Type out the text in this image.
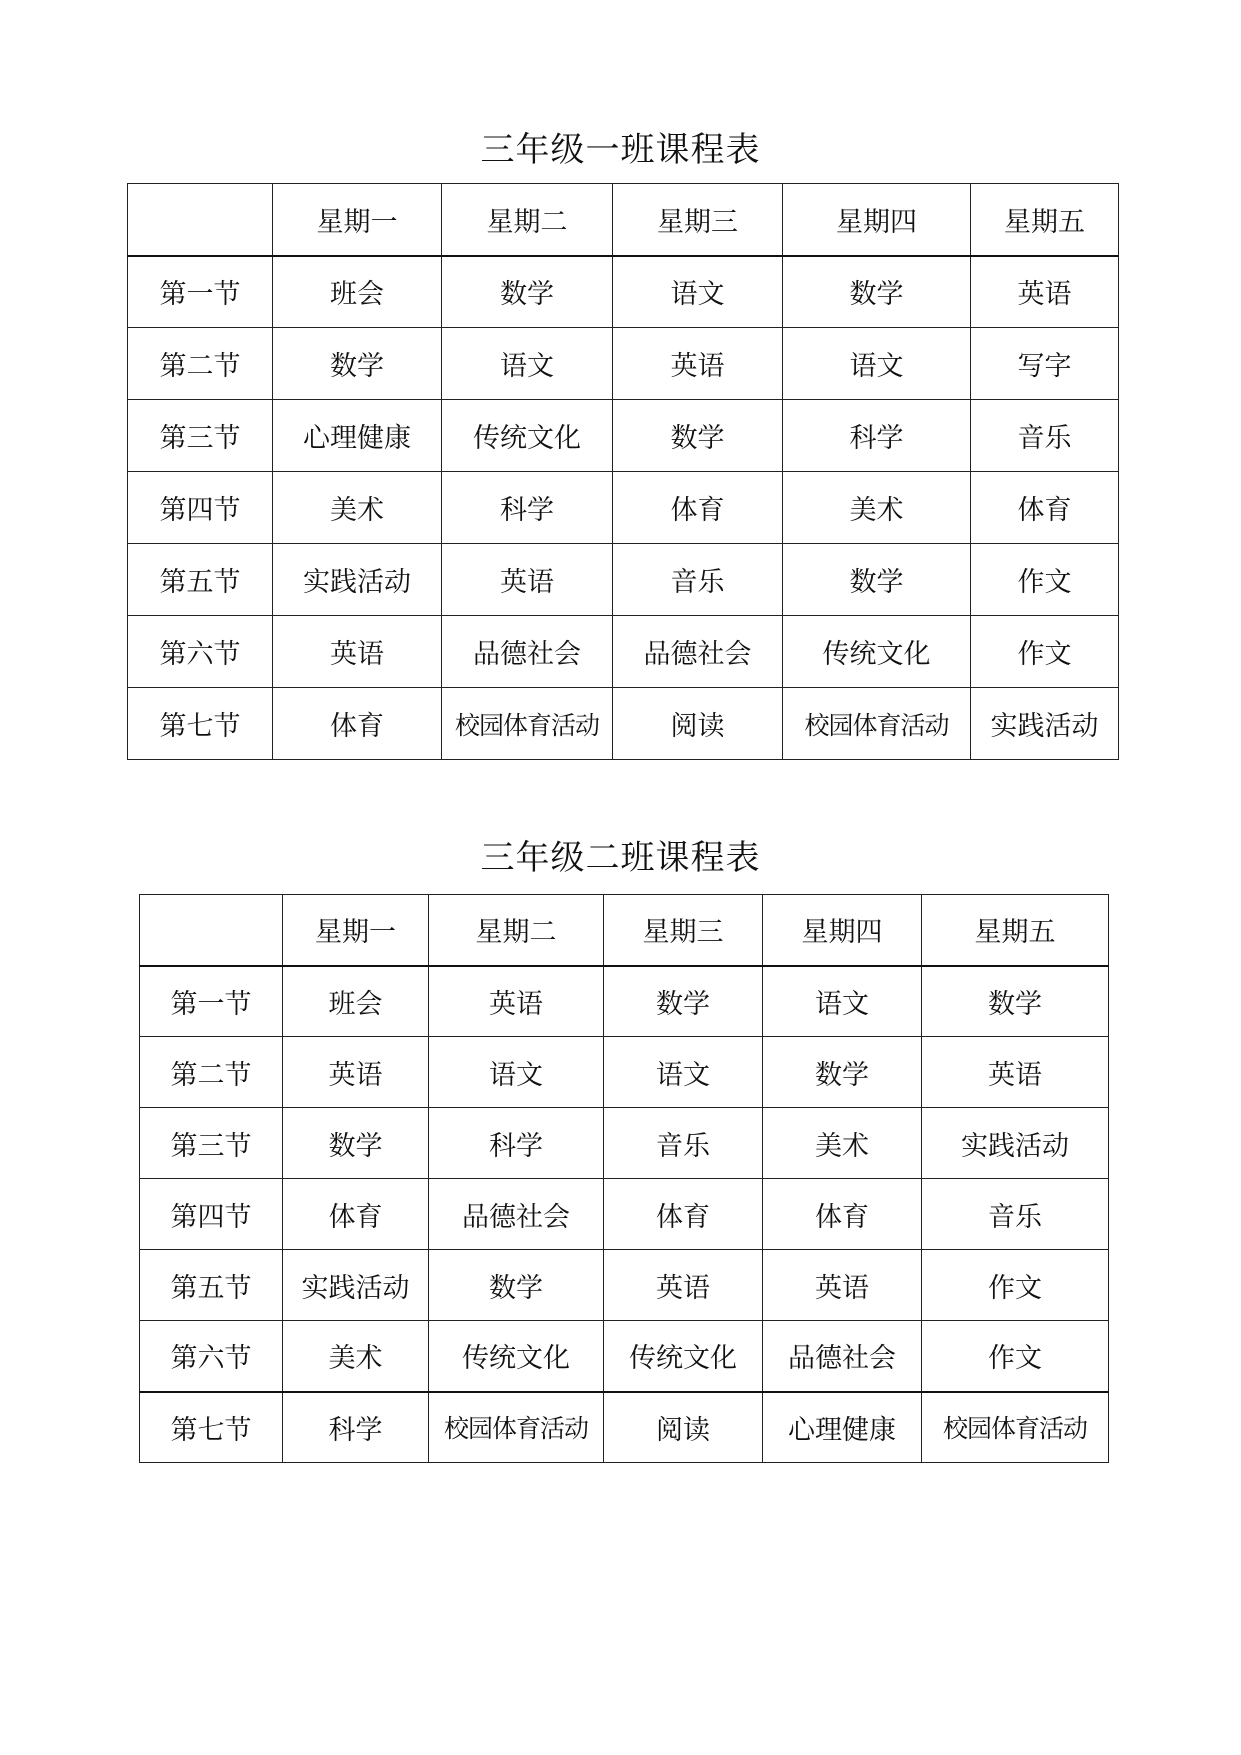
三年级一班课程表
	星期一	星期二	星期三	星期四	星期五
第一节	班会	数学	语文	数学	英语
第二节	数学	语文	英语	语文	写字
第三节	心理健康	传统文化	数学	科学	音乐
第四节	美术	科学	体育	美术	体育
第五节	实践活动	英语	音乐	数学	作文
第六节	英语	品德社会	品德社会	传统文化	作文
第七节	体育	校园体育活动	阅读	校园体育活动	实践活动
三年级二班课程表
	星期一	星期二	星期三	星期四	星期五
第一节	班会	英语	数学	语文	数学
第二节	英语	语文	语文	数学	英语
第三节	数学	科学	音乐	美术	实践活动
第四节	体育	品德社会	体育	体育	音乐
第五节	实践活动	数学	英语	英语	作文
第六节	美术	传统文化	传统文化	品德社会	作文
第七节	科学	校园体育活动	阅读	心理健康	校园体育活动
